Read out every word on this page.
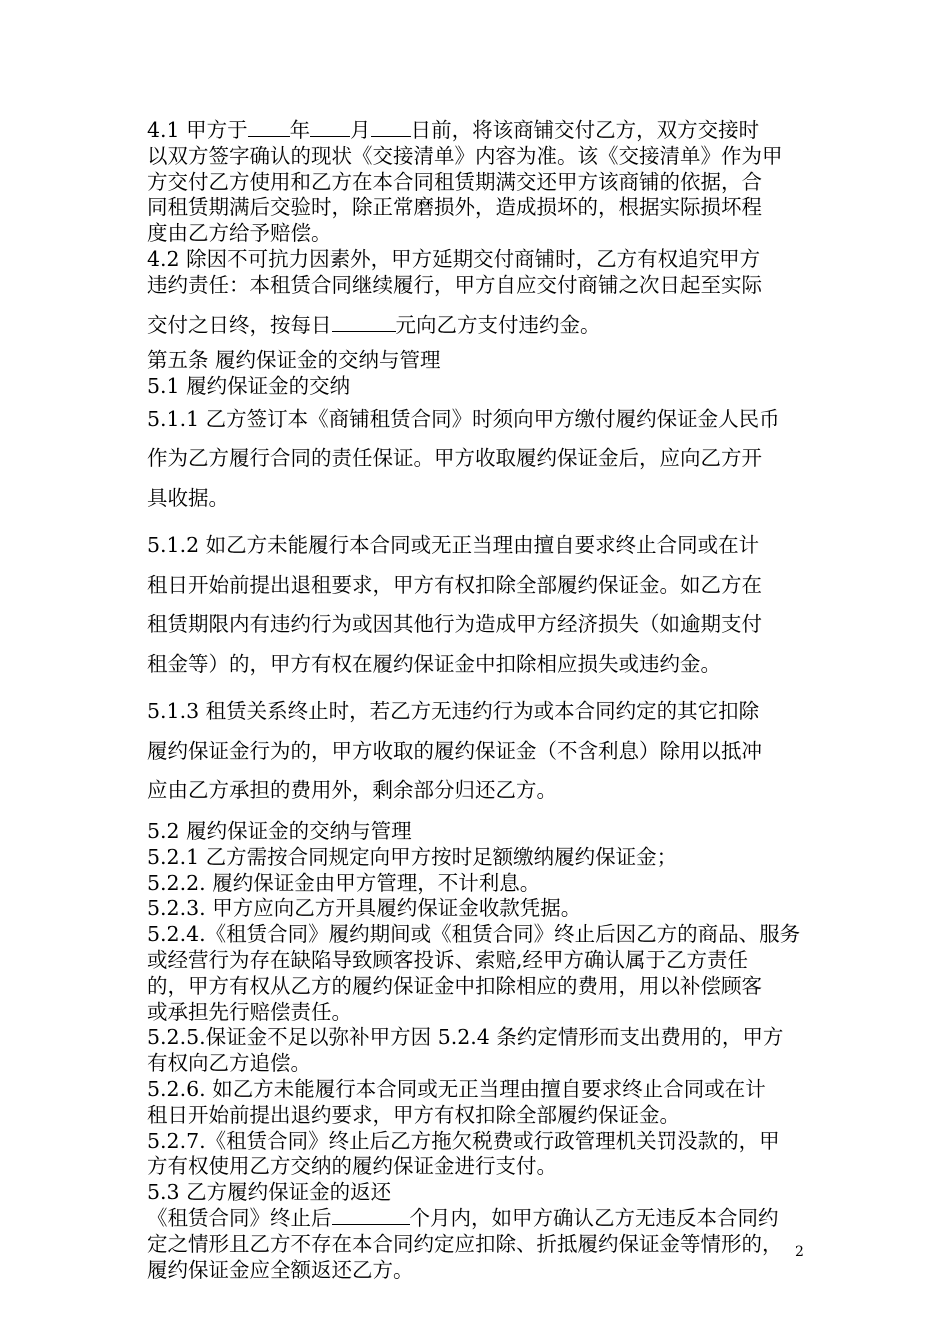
4.1 甲方于 年 月 日前，将该商铺交付乙方，双方交接时

以双方签字确认的现状《交接清单》内容为准。该《交接清单》作为甲

方交付乙方使用和乙方在本合同租赁期满交还甲方该商铺的依据，合

同租赁期满后交验时，除正常磨损外，造成损坏的，根据实际损坏程

度由乙方给予赔偿。

4.2 除因不可抗力因素外，甲方延期交付商铺时，乙方有权追究甲方

违约责任：本租赁合同继续履行，甲方自应交付商铺之次日起至实际

交付之日终，按每日	元向乙方支付违约金。

第五条 履约保证金的交纳与管理

5.1 履约保证金的交纳

5.1.1 乙方签订本《商铺租赁合同》时须向甲方缴付履约保证金人民币

作为乙方履行合同的责任保证。甲方收取履约保证金后，应向乙方开

具收据。

5.1.2 如乙方未能履行本合同或无正当理由擅自要求终止合同或在计

租日开始前提出退租要求，甲方有权扣除全部履约保证金。如乙方在

租赁期限内有违约行为或因其他行为造成甲方经济损失（如逾期支付

租金等）的，甲方有权在履约保证金中扣除相应损失或违约金。

5.1.3 租赁关系终止时，若乙方无违约行为或本合同约定的其它扣除

履约保证金行为的，甲方收取的履约保证金（不含利息）除用以抵冲

应由乙方承担的费用外，剩余部分归还乙方。

5.2 履约保证金的交纳与管理

5.2.1 乙方需按合同规定向甲方按时足额缴纳履约保证金；

5.2.2. 履约保证金由甲方管理，不计利息。

5.2.3. 甲方应向乙方开具履约保证金收款凭据。

5.2.4.《租赁合同》履约期间或《租赁合同》终止后因乙方的商品、服务

或经营行为存在缺陷导致顾客投诉、索赔,经甲方确认属于乙方责任

的，甲方有权从乙方的履约保证金中扣除相应的费用，用以补偿顾客

或承担先行赔偿责任。

5.2.5.保证金不足以弥补甲方因 5.2.4 条约定情形而支出费用的，甲方

有权向乙方追偿。

5.2.6. 如乙方未能履行本合同或无正当理由擅自要求终止合同或在计

租日开始前提出退约要求，甲方有权扣除全部履约保证金。

5.2.7.《租赁合同》终止后乙方拖欠税费或行政管理机关罚没款的，甲

方有权使用乙方交纳的履约保证金进行支付。

5.3 乙方履约保证金的返还

《租赁合同》终止后	个月内，如甲方确认乙方无违反本合同约

定之情形且乙方不存在本合同约定应扣除、折抵履约保证金等情形的，

履约保证金应全额返还乙方。

2
